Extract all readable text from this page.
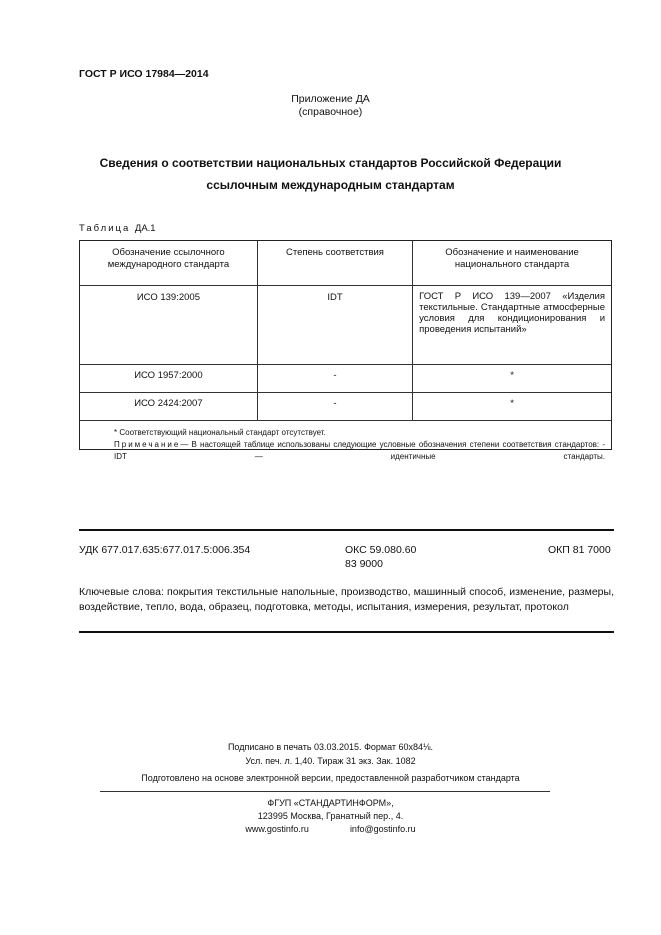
ГОСТ Р ИСО 17984—2014
Приложение ДА
(справочное)
Сведения о соответствии национальных стандартов Российской Федерации
ссылочным международным стандартам
Таблица ДА.1
Обозначение ссылочного международного стандарта	Степень соответствия	Обозначение и наименование национального стандарта
ИСО 139:2005	IDT	ГОСТ Р ИСО 139—2007 «Изделия текстильные. Стандартные атмосферные условия для кондиционирования и проведения испытаний»
ИСО 1957:2000	-	*
ИСО 2424:2007	-	*
* Соответствующий национальный стандарт отсутствует.
Примечание— В настоящей таблице использованы следующие условные обозначения степени соответствия стандартов: - IDT — идентичные стандарты.
УДК 677.017.635:677.017.5:006.354	ОКС 59.080.60
83 9000
ОКП 81 7000
Ключевые слова: покрытия текстильные напольные, производство, машинный способ, изменение, размеры, воздействие, тепло, вода, образец, подготовка, методы, испытания, измерения, результат, протокол
Подписано в печать 03.03.2015. Формат 60х84⅛.
Усл. печ. л. 1,40. Тираж 31 экз. Зак. 1082
Подготовлено на основе электронной версии, предоставленной разработчиком стандарта
ФГУП «СТАНДАРТИНФОРМ»,
123995 Москва, Гранатный пер., 4.
www.gostinfo.ru	info@gostinfo.ru
